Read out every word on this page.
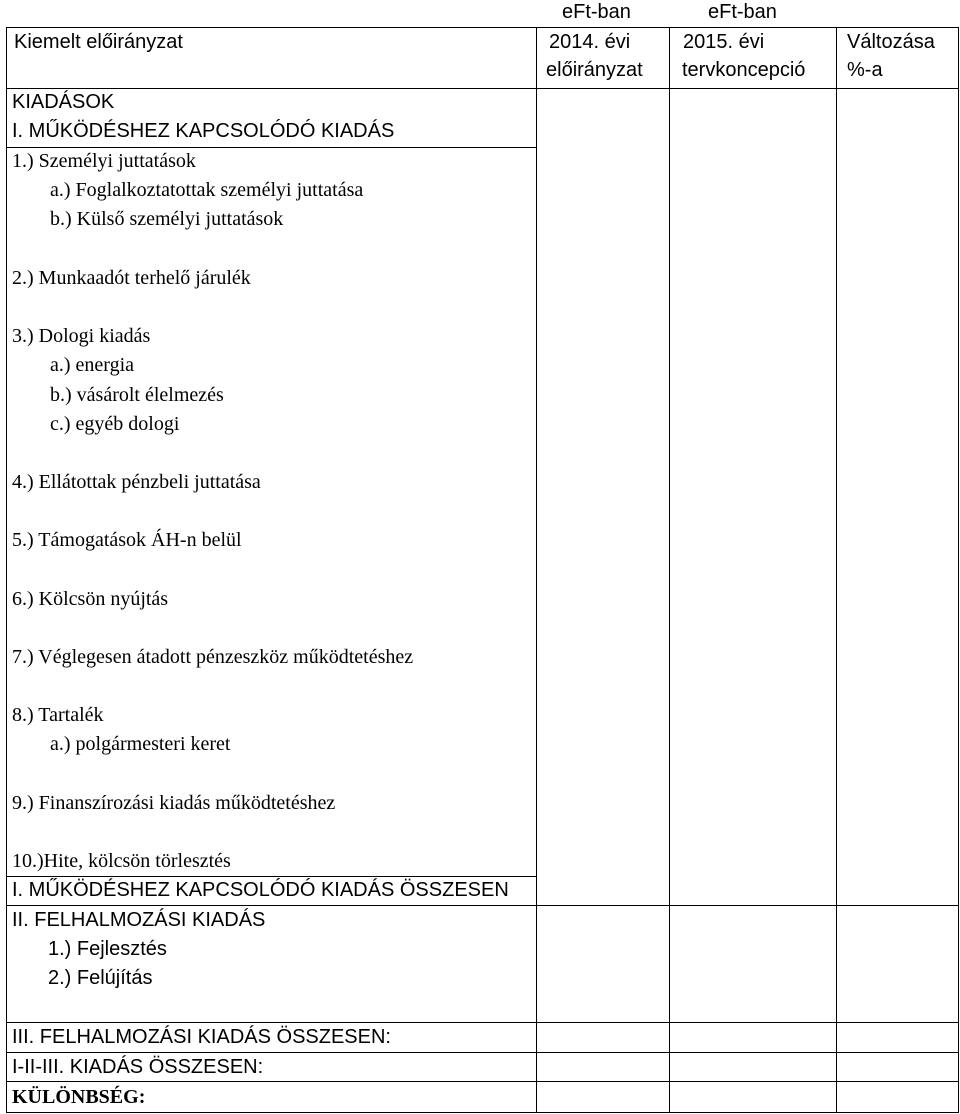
eFt-ban	eFt-ban
Kiemelt előirányzat	2014. évi
előirányzat
2015. évi
tervkoncepció
Változása
%-a
KIADÁSOK
I. MŰKÖDÉSHEZ KAPCSOLÓDÓ KIADÁS
1.) Személyi juttatások
a.) Foglalkoztatottak személyi juttatása
b.) Külső személyi juttatások
2.) Munkaadót terhelő járulék
3.) Dologi kiadás
a.) energia
b.) vásárolt élelmezés
c.) egyéb dologi
4.) Ellátottak pénzbeli juttatása
5.) Támogatások ÁH-n belül
6.) Kölcsön nyújtás
7.) Véglegesen átadott pénzeszköz működtetéshez
8.) Tartalék
a.) polgármesteri keret
9.) Finanszírozási kiadás működtetéshez
10.)Hite, kölcsön törlesztés
I. MŰKÖDÉSHEZ KAPCSOLÓDÓ KIADÁS ÖSSZESEN
II. FELHALMOZÁSI KIADÁS
1.) Fejlesztés
2.) Felújítás
III. FELHALMOZÁSI KIADÁS ÖSSZESEN:
I-II-III. KIADÁS ÖSSZESEN:
KÜLÖNBSÉG:
